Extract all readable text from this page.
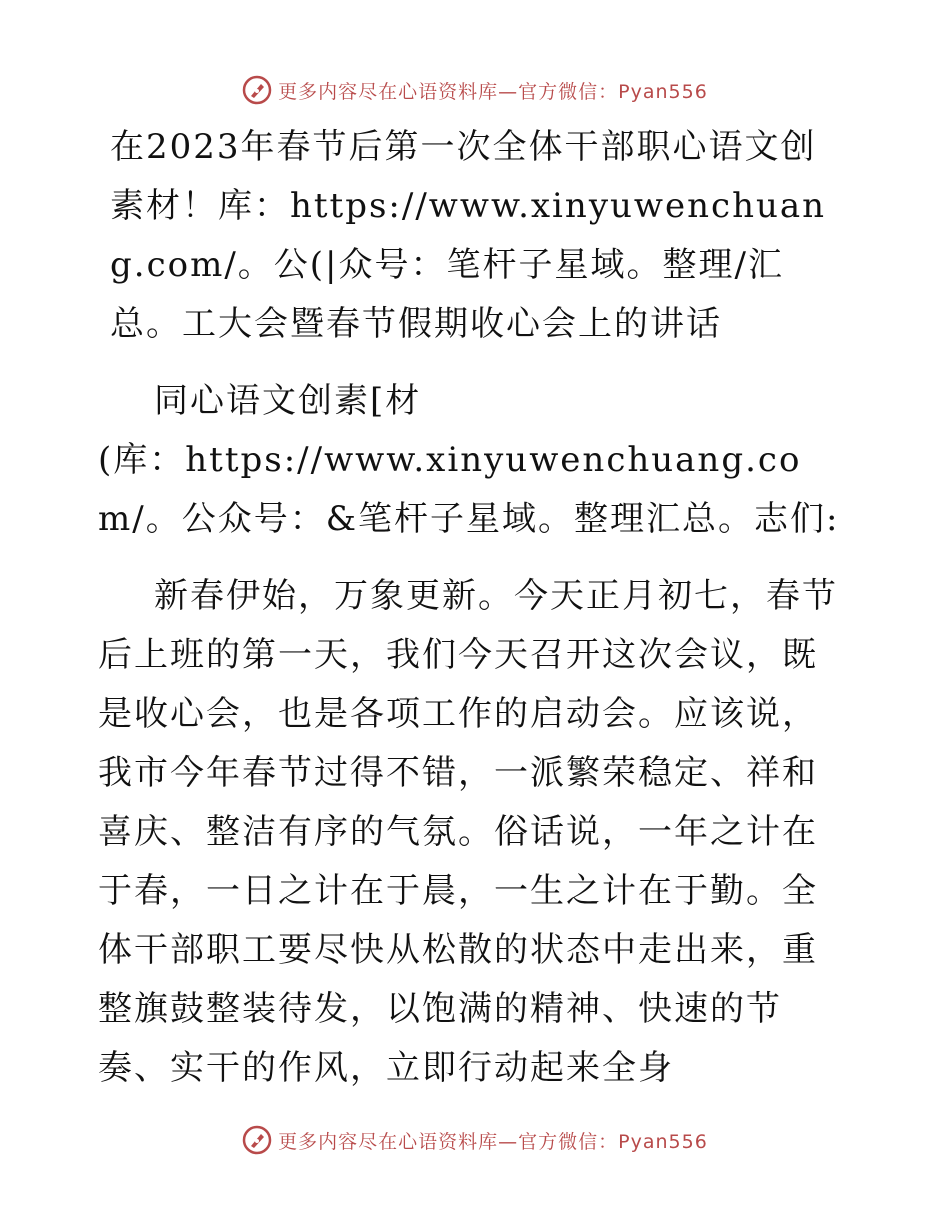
更多内容尽在心语资料库—官方微信：Pyan556

在2023年春节后第一次全体干部职心语文创素材！库：https://www.xinyuwenchuang.com/。公(|众号：笔杆子星域。整理/汇总。工大会暨春节假期收心会上的讲话

同心语文创素[材

(库：https://www.xinyuwenchuang.com/。公众号：&笔杆子星域。整理汇总。志们:

新春伊始，万象更新。今天正月初七，春节后上班的第一天，我们今天召开这次会议，既是收心会，也是各项工作的启动会。应该说，我市今年春节过得不错，一派繁荣稳定、祥和喜庆、整洁有序的气氛。俗话说，一年之计在于春，一日之计在于晨，一生之计在于勤。全体干部职工要尽快从松散的状态中走出来，重整旗鼓整装待发，以饱满的精神、快速的节奏、实干的作风，立即行动起来全身

更多内容尽在心语资料库—官方微信：Pyan556
